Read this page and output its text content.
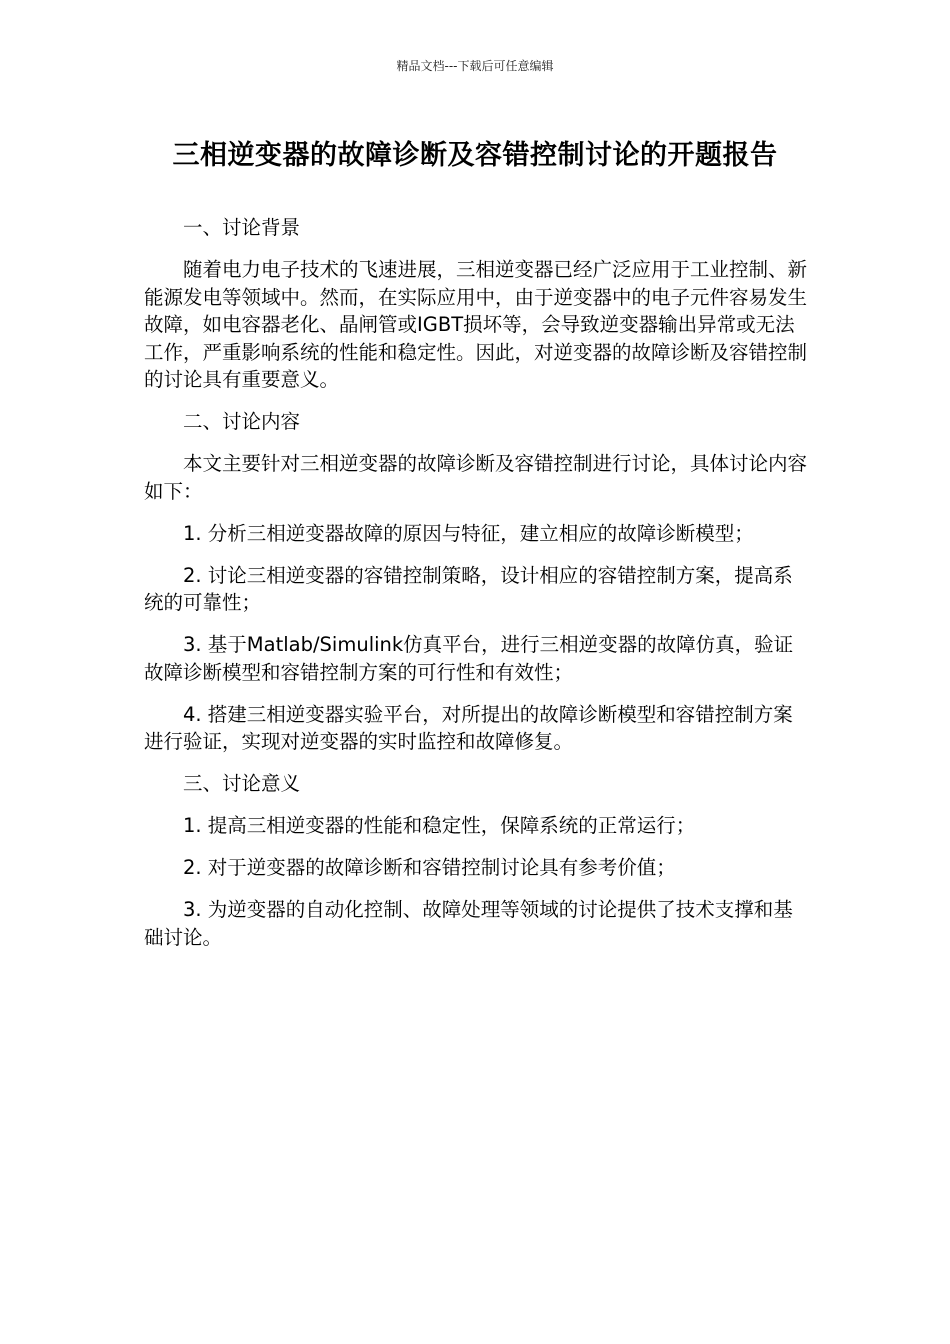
精品文档---下载后可任意编辑
三相逆变器的故障诊断及容错控制讨论的开题报告

一、讨论背景

随着电力电子技术的飞速进展，三相逆变器已经广泛应用于工业控制、新能源发电等领域中。然而，在实际应用中，由于逆变器中的电子元件容易发生故障，如电容器老化、晶闸管或IGBT损坏等，会导致逆变器输出异常或无法工作，严重影响系统的性能和稳定性。因此，对逆变器的故障诊断及容错控制的讨论具有重要意义。

二、讨论内容

本文主要针对三相逆变器的故障诊断及容错控制进行讨论，具体讨论内容如下：

1. 分析三相逆变器故障的原因与特征，建立相应的故障诊断模型；

2. 讨论三相逆变器的容错控制策略，设计相应的容错控制方案，提高系统的可靠性；

3. 基于Matlab/Simulink仿真平台，进行三相逆变器的故障仿真，验证故障诊断模型和容错控制方案的可行性和有效性；

4. 搭建三相逆变器实验平台，对所提出的故障诊断模型和容错控制方案进行验证，实现对逆变器的实时监控和故障修复。

三、讨论意义

1. 提高三相逆变器的性能和稳定性，保障系统的正常运行；

2. 对于逆变器的故障诊断和容错控制讨论具有参考价值；

3. 为逆变器的自动化控制、故障处理等领域的讨论提供了技术支撑和基础讨论。
